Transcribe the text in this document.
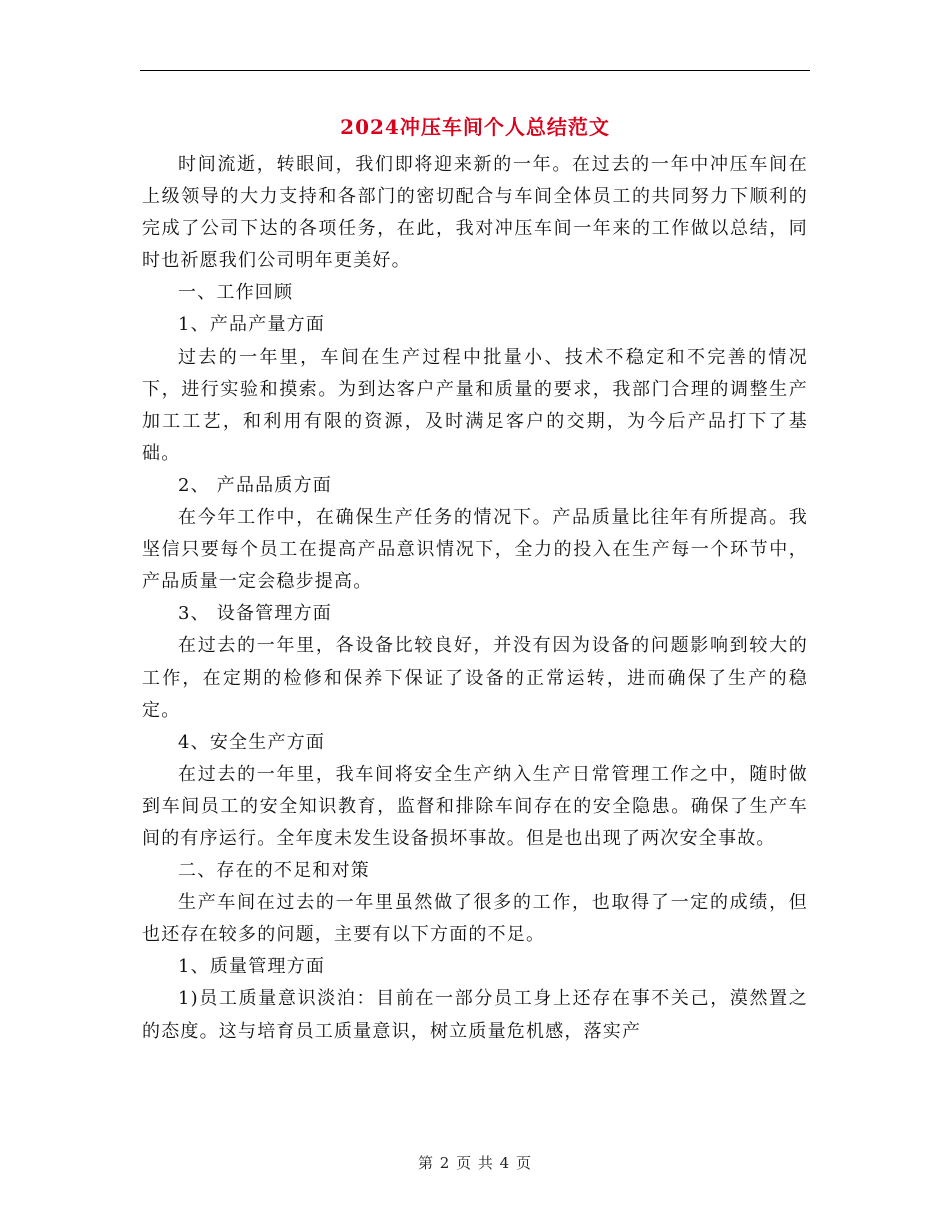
2024冲压车间个人总结范文

时间流逝，转眼间，我们即将迎来新的一年。在过去的一年中冲压车间在上级领导的大力支持和各部门的密切配合与车间全体员工的共同努力下顺利的完成了公司下达的各项任务，在此，我对冲压车间一年来的工作做以总结，同时也祈愿我们公司明年更美好。

一、工作回顾

1、产品产量方面

过去的一年里，车间在生产过程中批量小、技术不稳定和不完善的情况下，进行实验和摸索。为到达客户产量和质量的要求，我部门合理的调整生产加工工艺，和利用有限的资源，及时满足客户的交期，为今后产品打下了基础。

2、 产品品质方面

在今年工作中，在确保生产任务的情况下。产品质量比往年有所提高。我坚信只要每个员工在提高产品意识情况下，全力的投入在生产每一个环节中，产品质量一定会稳步提高。

3、 设备管理方面

在过去的一年里，各设备比较良好，并没有因为设备的问题影响到较大的工作，在定期的检修和保养下保证了设备的正常运转，进而确保了生产的稳定。

4、安全生产方面

在过去的一年里，我车间将安全生产纳入生产日常管理工作之中，随时做到车间员工的安全知识教育，监督和排除车间存在的安全隐患。确保了生产车间的有序运行。全年度未发生设备损坏事故。但是也出现了两次安全事故。

二、存在的不足和对策

生产车间在过去的一年里虽然做了很多的工作，也取得了一定的成绩，但也还存在较多的问题，主要有以下方面的不足。

1、质量管理方面

1)员工质量意识淡泊：目前在一部分员工身上还存在事不关己，漠然置之的态度。这与培育员工质量意识，树立质量危机感，落实产

第 2 页 共 4 页
